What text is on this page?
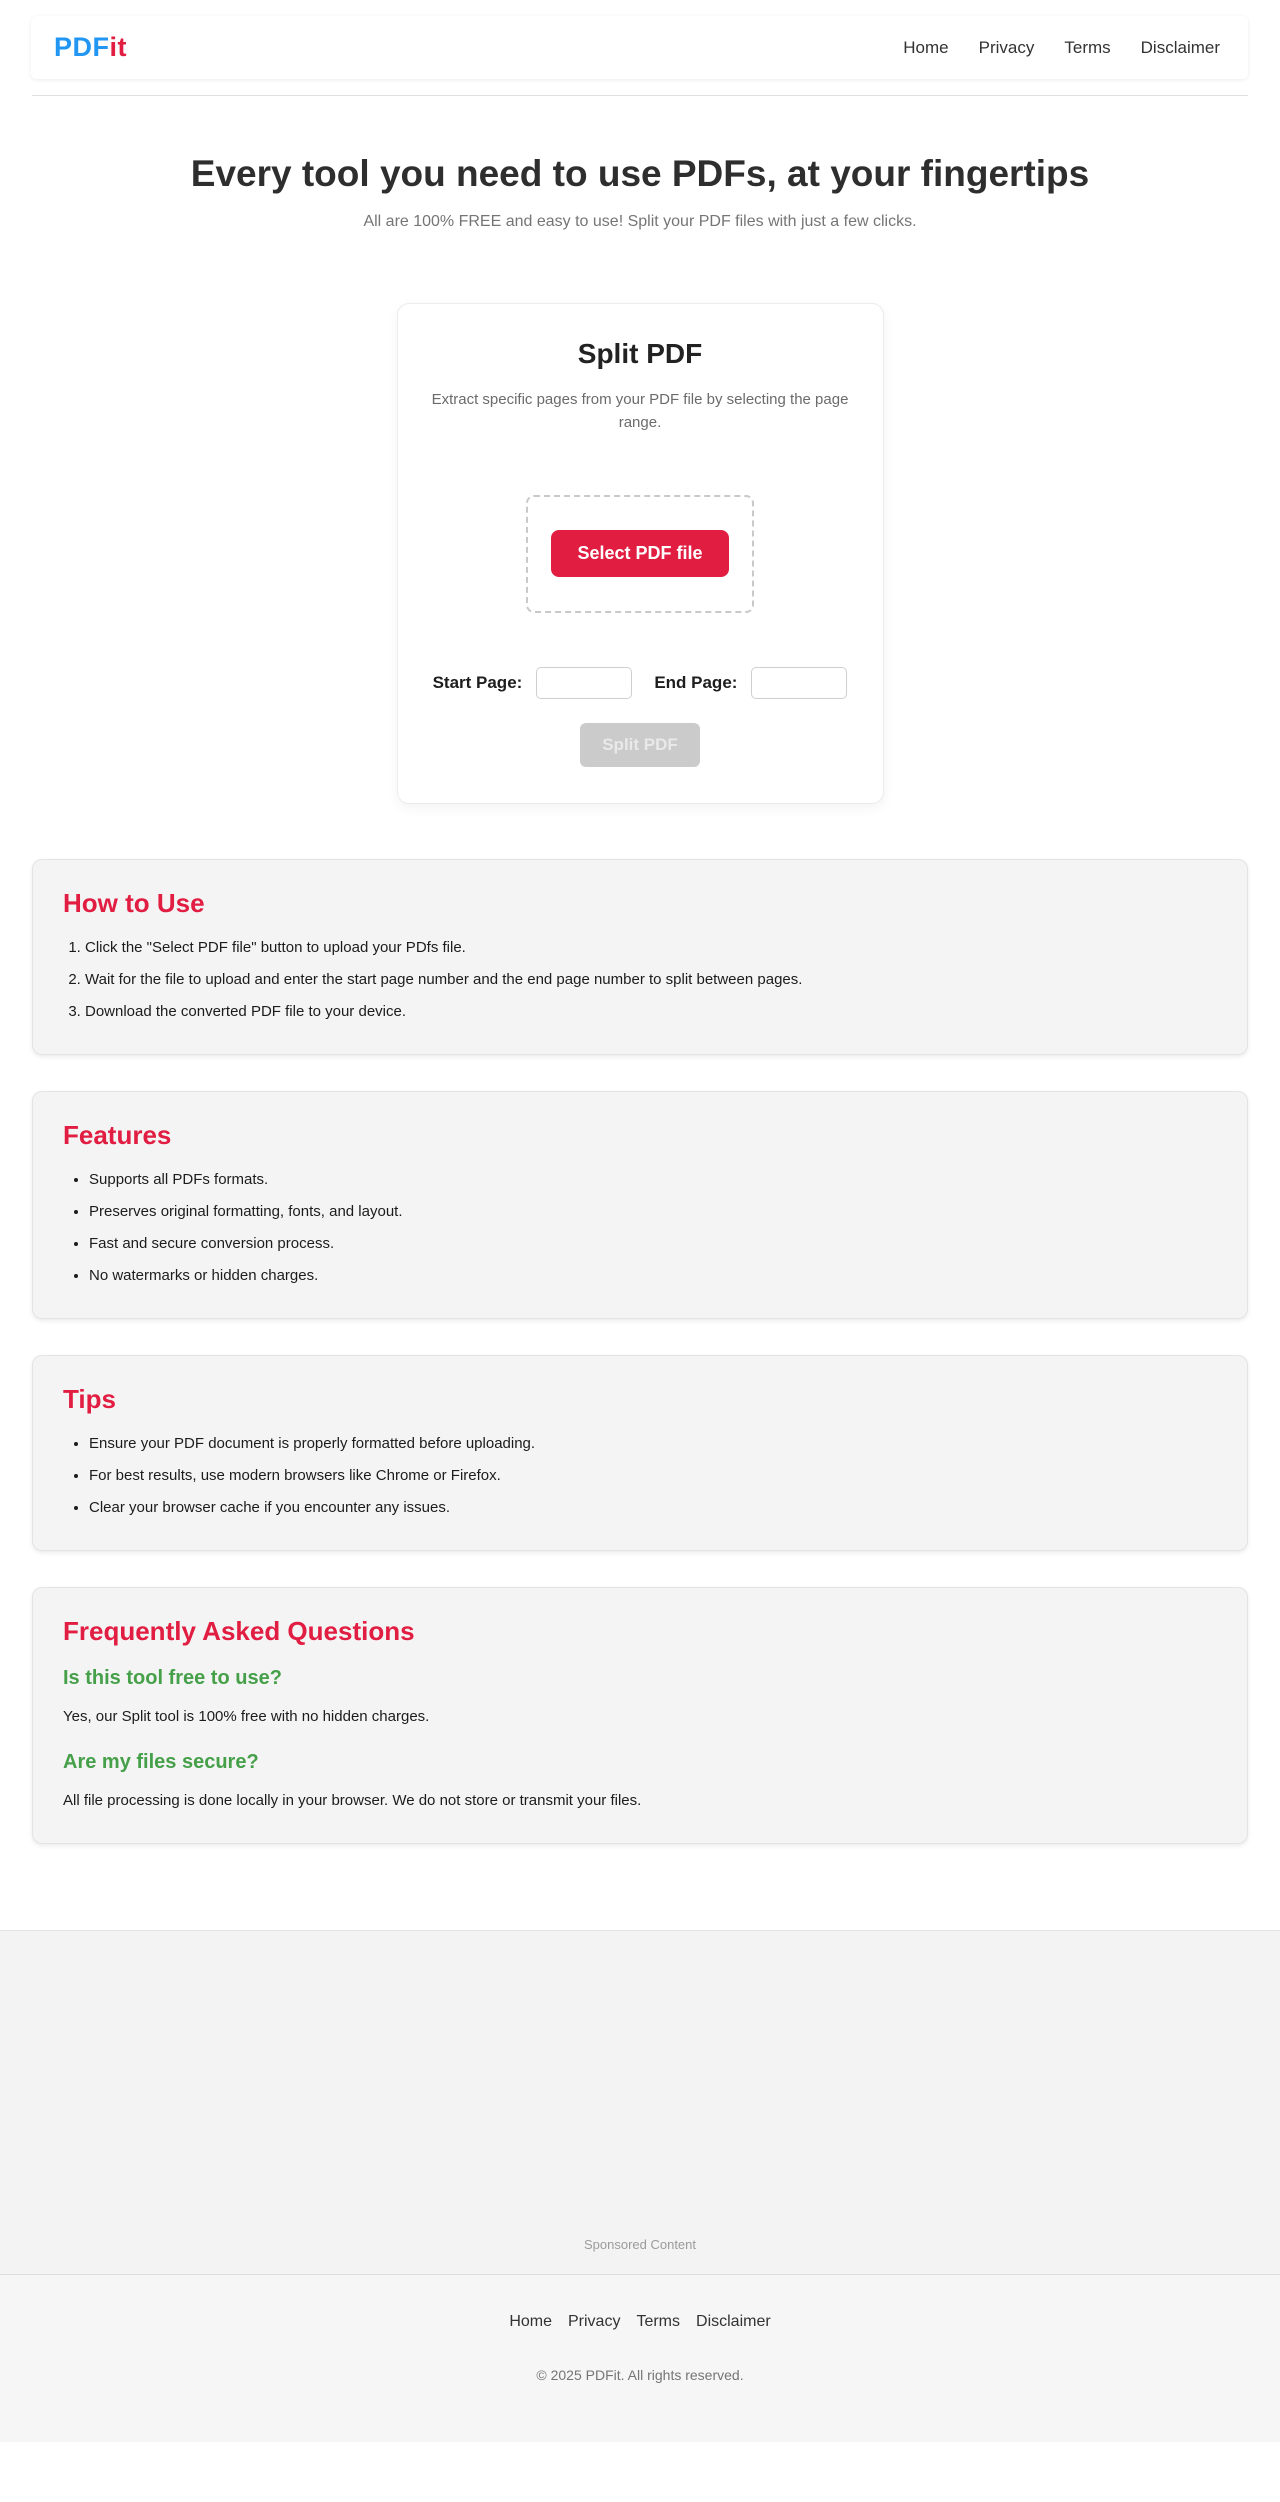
PDFit	Home Privacy Terms Disclaimer
Every tool you need to use PDFs, at your fingertips

All are 100% FREE and easy to use! Split your PDF files with just a few clicks.

Split PDF

Extract specific pages from your PDF file by selecting the page range.

Select PDF file
Start Page:	End Page:
Split PDF
How to Use
1. Click the "Select PDF file" button to upload your PDfs file.
2. Wait for the file to upload and enter the start page number and the end page number to split between pages.
3. Download the converted PDF file to your device.
Features
• Supports all PDFs formats.
• Preserves original formatting, fonts, and layout.
• Fast and secure conversion process.
• No watermarks or hidden charges.
Tips
• Ensure your PDF document is properly formatted before uploading.
• For best results, use modern browsers like Chrome or Firefox.
• Clear your browser cache if you encounter any issues.
Frequently Asked Questions
Is this tool free to use?

Yes, our Split tool is 100% free with no hidden charges.

Are my files secure?

All file processing is done locally in your browser. We do not store or transmit your files.

Sponsored Content
Home Privacy Terms Disclaimer

© 2025 PDFit. All rights reserved.
